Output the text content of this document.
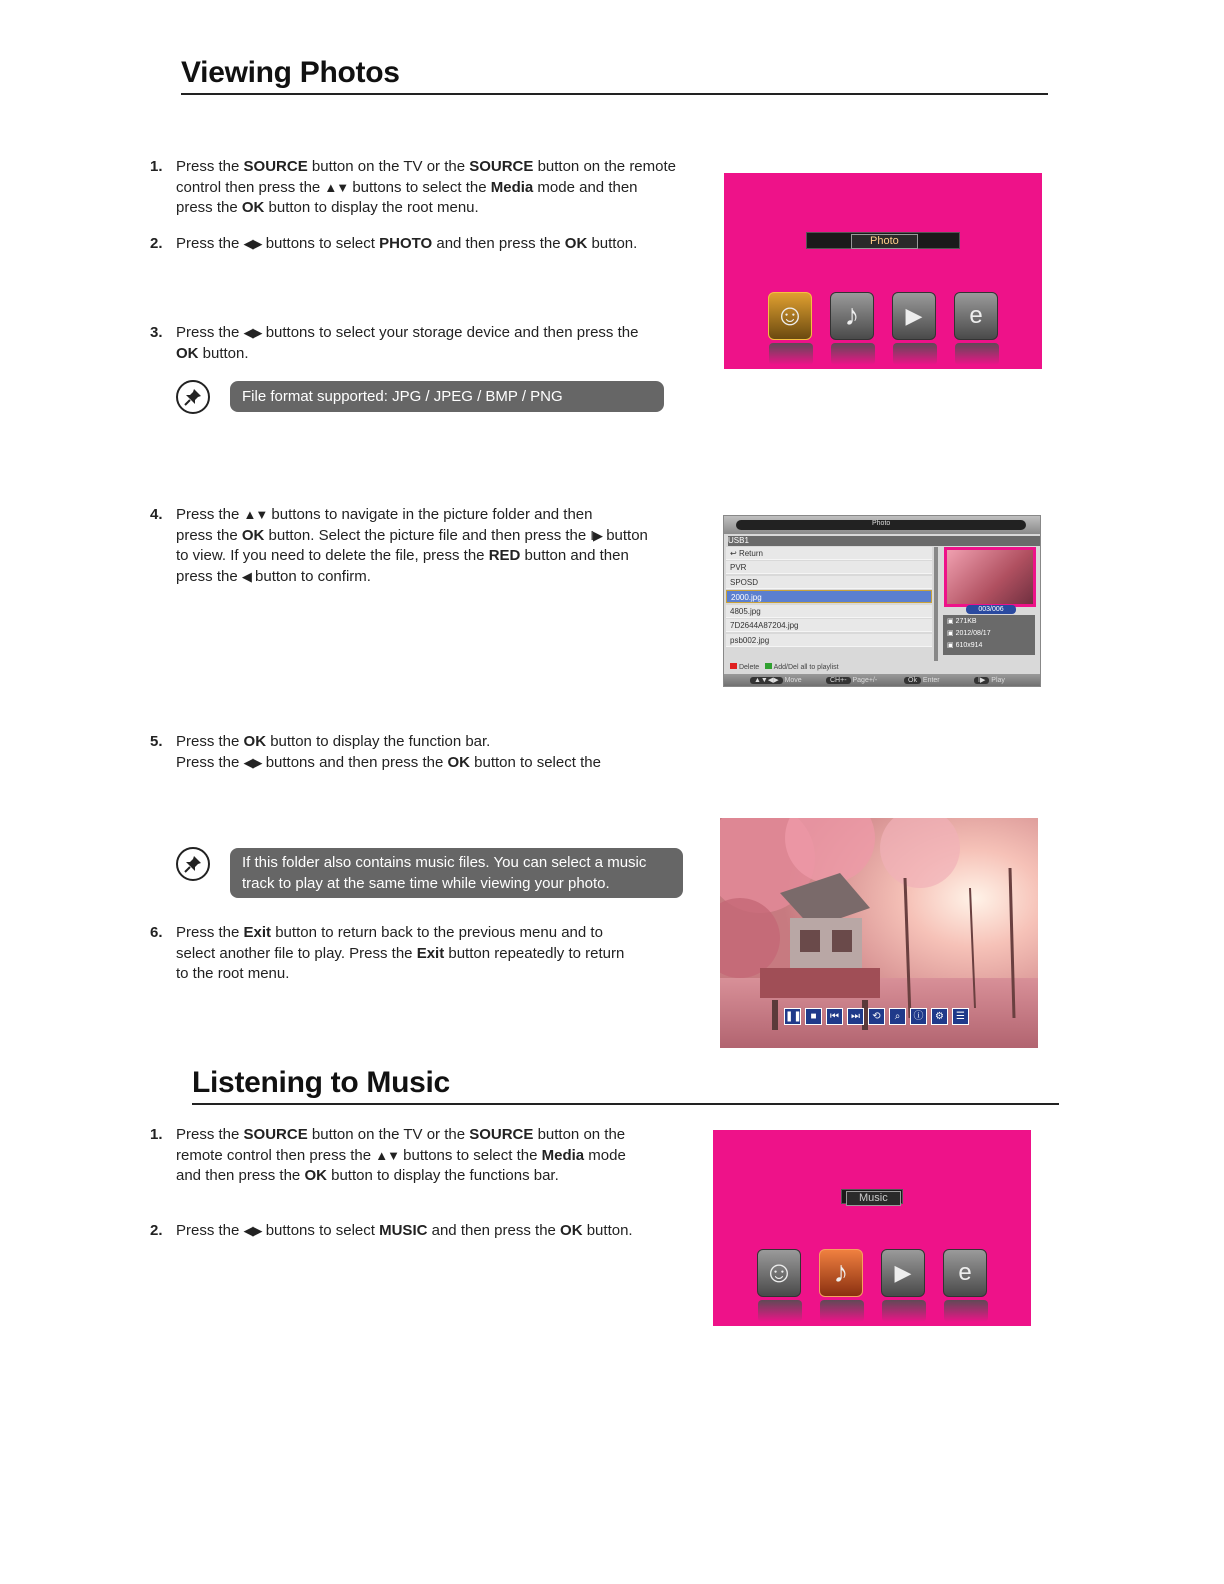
Viewing Photos
1. Press the SOURCE button on the TV or the SOURCE button on the remote
control then press the ▲▼ buttons to select the Media mode and then
press the OK button to display the root menu.
2. Press the ◀▶ buttons to select PHOTO and then press the OK button.
3. Press the ◀▶ buttons to select your storage device and then press the
OK button.
4. Press the ▲▼ buttons to navigate in the picture folder and then
press the OK button. Select the picture file and then press the I▶ button
to view. If you need to delete the file, press the RED button and then
press the ◀ button to confirm.
5. Press the OK button to display the function bar.
Press the ◀▶ buttons and then press the OK button to select the
6. Press the Exit button to return back to the previous menu and to
select another file to play. Press the Exit button repeatedly to return
to the root menu.
File format supported: JPG / JPEG / BMP / PNG
If this folder also contains music files. You can select a music
track to play at the same time while viewing your photo.
Photo
☺	♪	▶	e
Photo
USB1
↩ Return
PVR
SPOSD
2000.jpg
4805.jpg
7D2644A87204.jpg
psb002.jpg
003/006
▣ 271KB
▣ 2012/08/17
▣ 610x914
Delete Add/Del all to playlist
▲▼◀▶ Move	CH+- Page+/-	Ok Enter	I▶ Play
❚❚ ■	⏮	⏭	⟲	⌕	ⓘ	⚙	☰
Listening to Music
1. Press the SOURCE button on the TV or the SOURCE button on the
remote control then press the ▲▼ buttons to select the Media mode
and then press the OK button to display the functions bar.
2. Press the ◀▶ buttons to select MUSIC and then press the OK button.
Music
☺	♪	▶	e
